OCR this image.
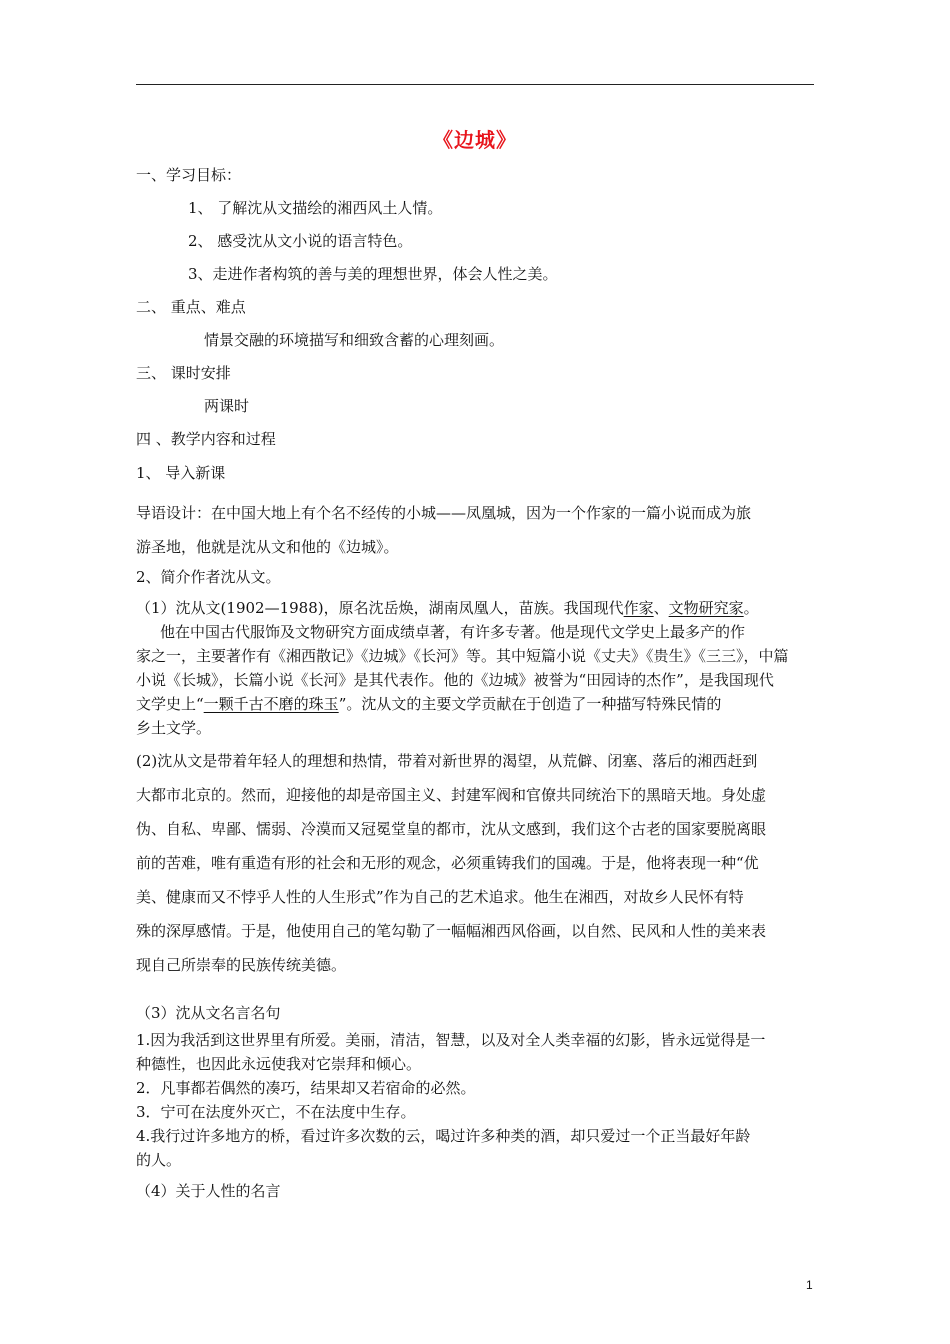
《边城》
一、学习目标：
1、 了解沈从文描绘的湘西风土人情。
2、 感受沈从文小说的语言特色。
3、走进作者构筑的善与美的理想世界，体会人性之美。
二、 重点、难点
情景交融的环境描写和细致含蓄的心理刻画。
三、 课时安排
两课时
四 、教学内容和过程
1、 导入新课
导语设计：在中国大地上有个名不经传的小城——凤凰城，因为一个作家的一篇小说而成为旅
游圣地，他就是沈从文和他的《边城》。
2、简介作者沈从文。
（1）沈从文(1902—1988)，原名沈岳焕，湖南凤凰人，苗族。我国现代作家、文物研究家。
他在中国古代服饰及文物研究方面成绩卓著，有许多专著。他是现代文学史上最多产的作
家之一，主要著作有《湘西散记》《边城》《长河》等。其中短篇小说《丈夫》《贵生》《三三》，中篇
小说《长城》，长篇小说《长河》是其代表作。他的《边城》被誉为“田园诗的杰作”，是我国现代
文学史上“一颗千古不磨的珠玉”。沈从文的主要文学贡献在于创造了一种描写特殊民情的
乡土文学。
(2)沈从文是带着年轻人的理想和热情，带着对新世界的渴望，从荒僻、闭塞、落后的湘西赶到
大都市北京的。然而，迎接他的却是帝国主义、封建军阀和官僚共同统治下的黑暗天地。身处虚
伪、自私、卑鄙、懦弱、冷漠而又冠冕堂皇的都市，沈从文感到，我们这个古老的国家要脱离眼
前的苦难，唯有重造有形的社会和无形的观念，必须重铸我们的国魂。于是，他将表现一种“优
美、健康而又不悖乎人性的人生形式”作为自己的艺术追求。他生在湘西，对故乡人民怀有特
殊的深厚感情。于是，他使用自己的笔勾勒了一幅幅湘西风俗画，以自然、民风和人性的美来表
现自己所崇奉的民族传统美德。
（3）沈从文名言名句
1.因为我活到这世界里有所爱。美丽，清洁，智慧，以及对全人类幸福的幻影，皆永远觉得是一
种德性，也因此永远使我对它崇拜和倾心。
2．凡事都若偶然的凑巧，结果却又若宿命的必然。
3．宁可在法度外灭亡，不在法度中生存。
4.我行过许多地方的桥，看过许多次数的云，喝过许多种类的酒，却只爱过一个正当最好年龄
的人。
（4）关于人性的名言
1
